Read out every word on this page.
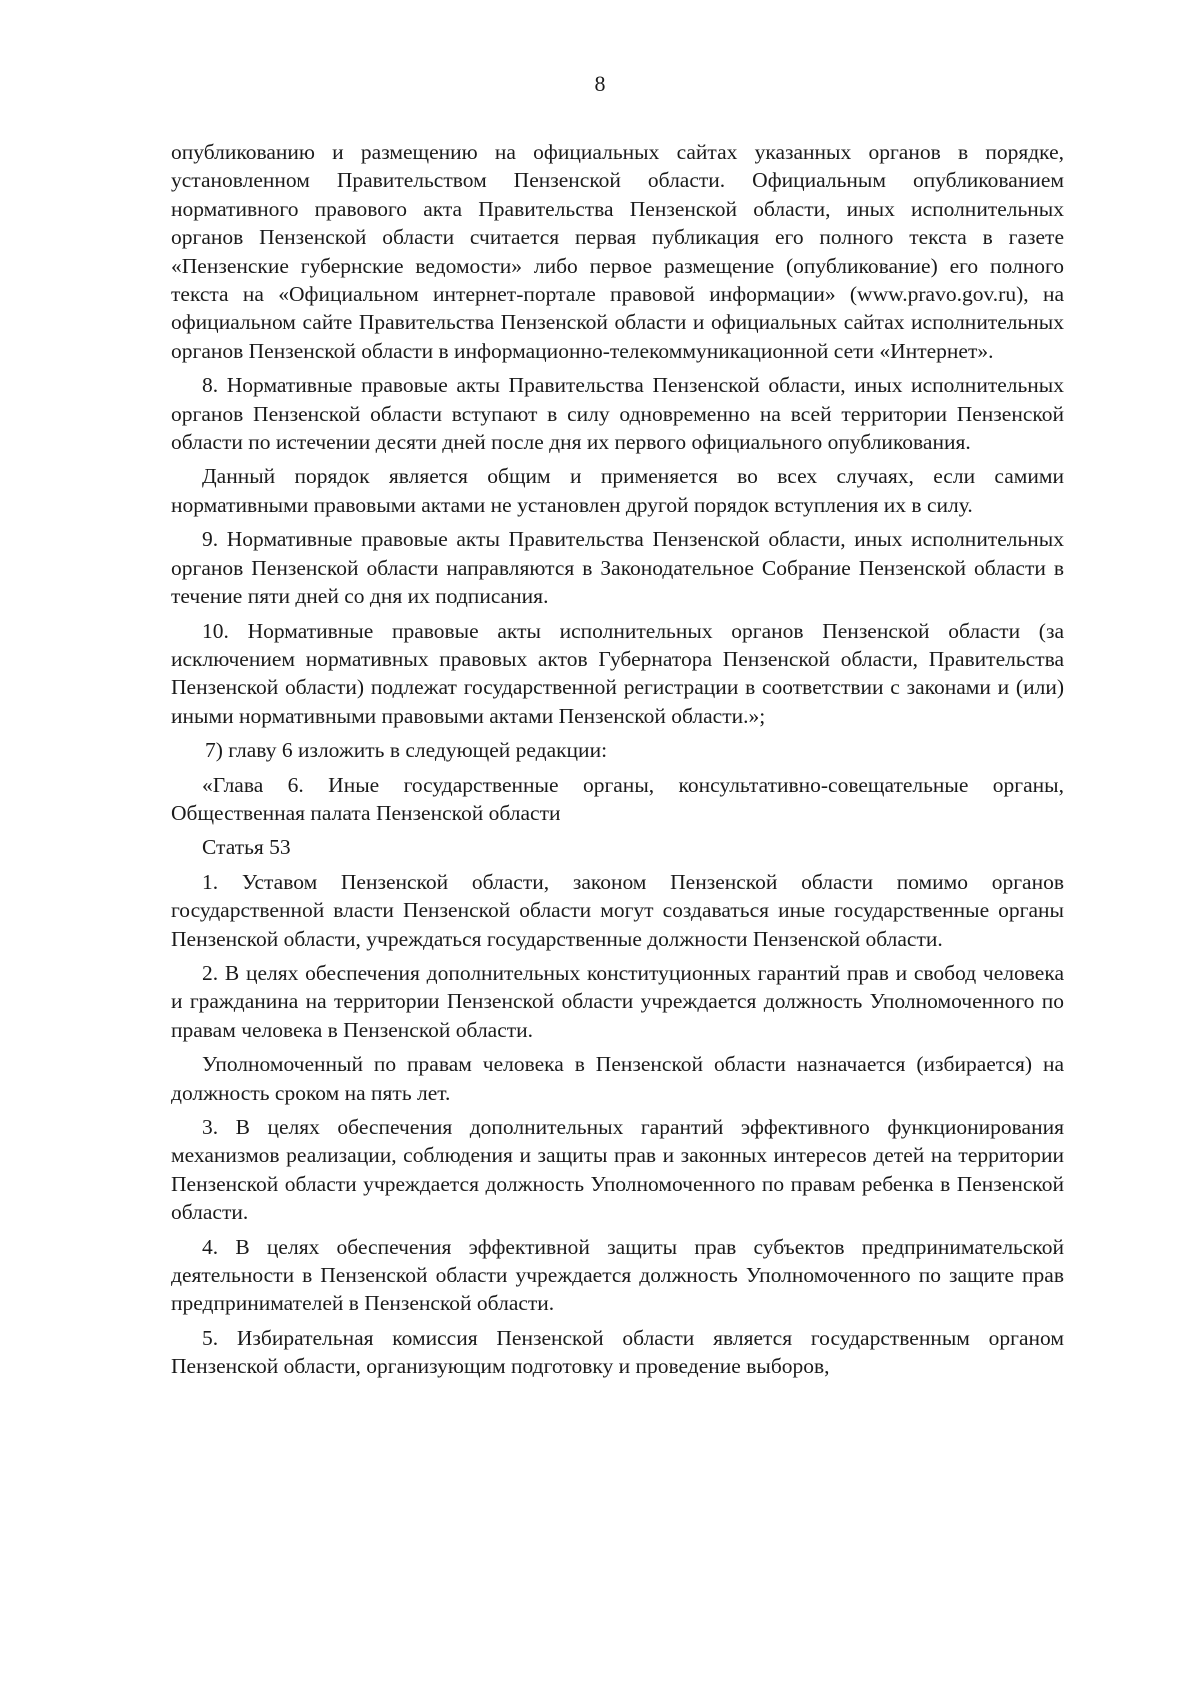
8

опубликованию и размещению на официальных сайтах указанных органов в порядке, установленном Правительством Пензенской области. Официальным опубликованием нормативного правового акта Правительства Пензенской области, иных исполнительных органов Пензенской области считается первая публикация его полного текста в газете «Пензенские губернские ведомости» либо первое размещение (опубликование) его полного текста на «Официальном интернет-портале правовой информации» (www.pravo.gov.ru), на официальном сайте Правительства Пензенской области и официальных сайтах исполнительных органов Пензенской области в информационно-телекоммуникационной сети «Интернет».

8. Нормативные правовые акты Правительства Пензенской области, иных исполнительных органов Пензенской области вступают в силу одновременно на всей территории Пензенской области по истечении десяти дней после дня их первого официального опубликования.

Данный порядок является общим и применяется во всех случаях, если самими нормативными правовыми актами не установлен другой порядок вступления их в силу.

9. Нормативные правовые акты Правительства Пензенской области, иных исполнительных органов Пензенской области направляются в Законодательное Собрание Пензенской области в течение пяти дней со дня их подписания.

10. Нормативные правовые акты исполнительных органов Пензенской области (за исключением нормативных правовых актов Губернатора Пензенской области, Правительства Пензенской области) подлежат государственной регистрации в соответствии с законами и (или) иными нормативными правовыми актами Пензенской области.»;

7) главу 6 изложить в следующей редакции:

«Глава 6. Иные государственные органы, консультативно-совещательные органы, Общественная палата Пензенской области

Статья 53

1. Уставом Пензенской области, законом Пензенской области помимо органов государственной власти Пензенской области могут создаваться иные государственные органы Пензенской области, учреждаться государственные должности Пензенской области.

2. В целях обеспечения дополнительных конституционных гарантий прав и свобод человека и гражданина на территории Пензенской области учреждается должность Уполномоченного по правам человека в Пензенской области.

Уполномоченный по правам человека в Пензенской области назначается (избирается) на должность сроком на пять лет.

3. В целях обеспечения дополнительных гарантий эффективного функционирования механизмов реализации, соблюдения и защиты прав и законных интересов детей на территории Пензенской области учреждается должность Уполномоченного по правам ребенка в Пензенской области.

4. В целях обеспечения эффективной защиты прав субъектов предпринимательской деятельности в Пензенской области учреждается должность Уполномоченного по защите прав предпринимателей в Пензенской области.

5. Избирательная комиссия Пензенской области является государственным органом Пензенской области, организующим подготовку и проведение выборов,
